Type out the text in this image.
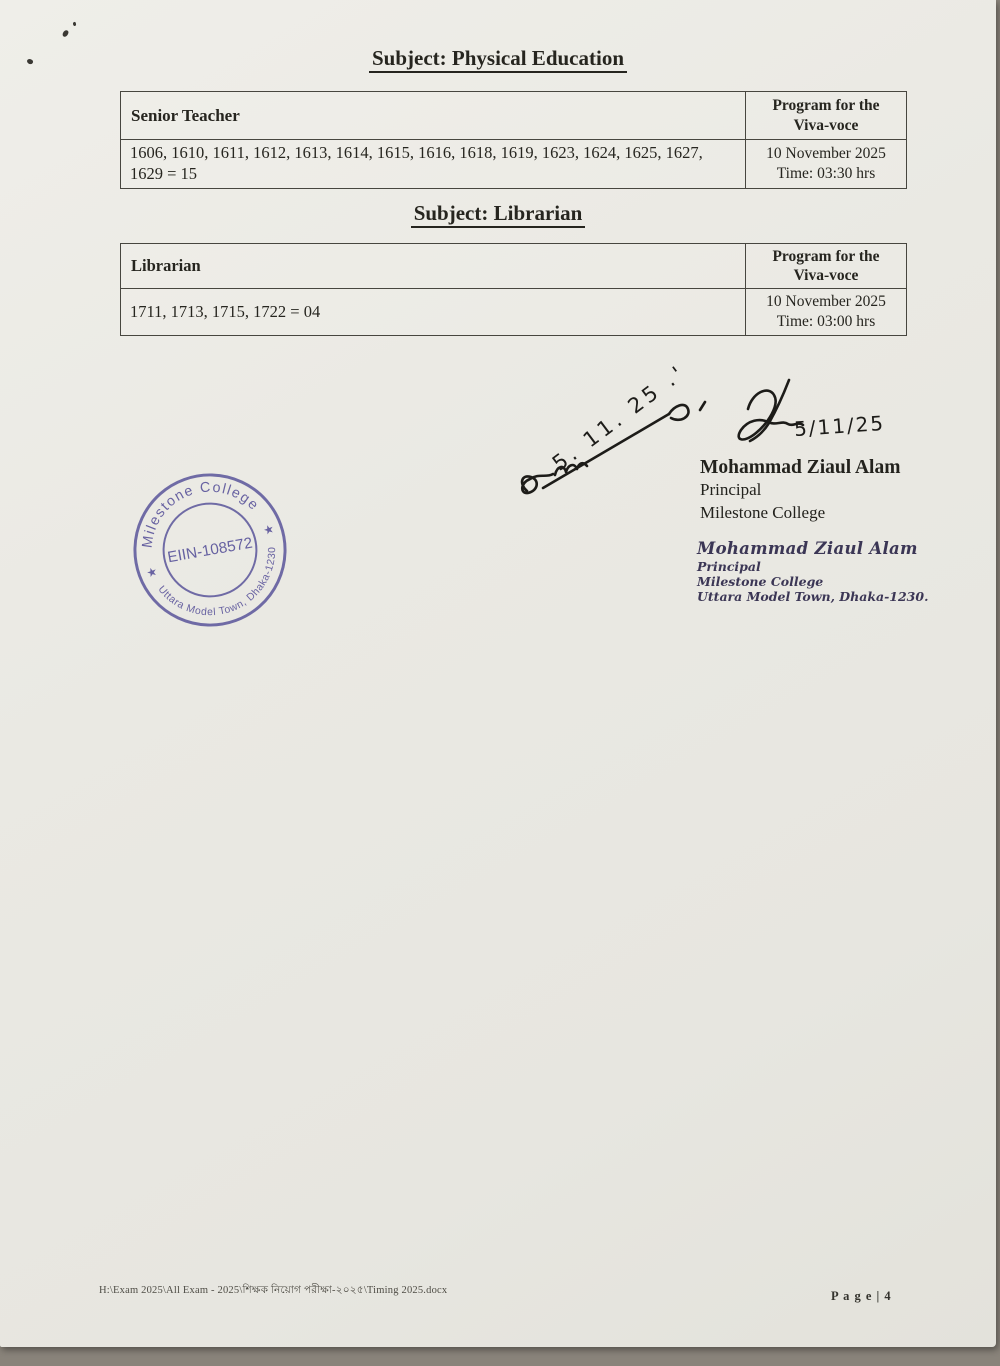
Subject: Physical Education
Senior Teacher	Program for the Viva-voce
1606, 1610, 1611, 1612, 1613, 1614, 1615, 1616, 1618, 1619, 1623, 1624, 1625, 1627, 1629 = 15	10 November 2025
Time: 03:30 hrs
Subject: Librarian
Librarian	Program for the Viva-voce
1711, 1713, 1715, 1722 = 04	10 November 2025
Time: 03:00 hrs
Milestone College
Uttara Model Town, Dhaka-1230
★
★
EIIN-108572
5. 11. 25 .'	5/11/25
Mohammad Ziaul Alam
Principal
Milestone College
Mohammad Ziaul Alam
Principal
Milestone College
Uttara Model Town, Dhaka-1230.
H:\Exam 2025\All Exam - 2025\শিক্ষক নিয়োগ পরীক্ষা-২০২৫\Timing 2025.docx	P a g e | 4
